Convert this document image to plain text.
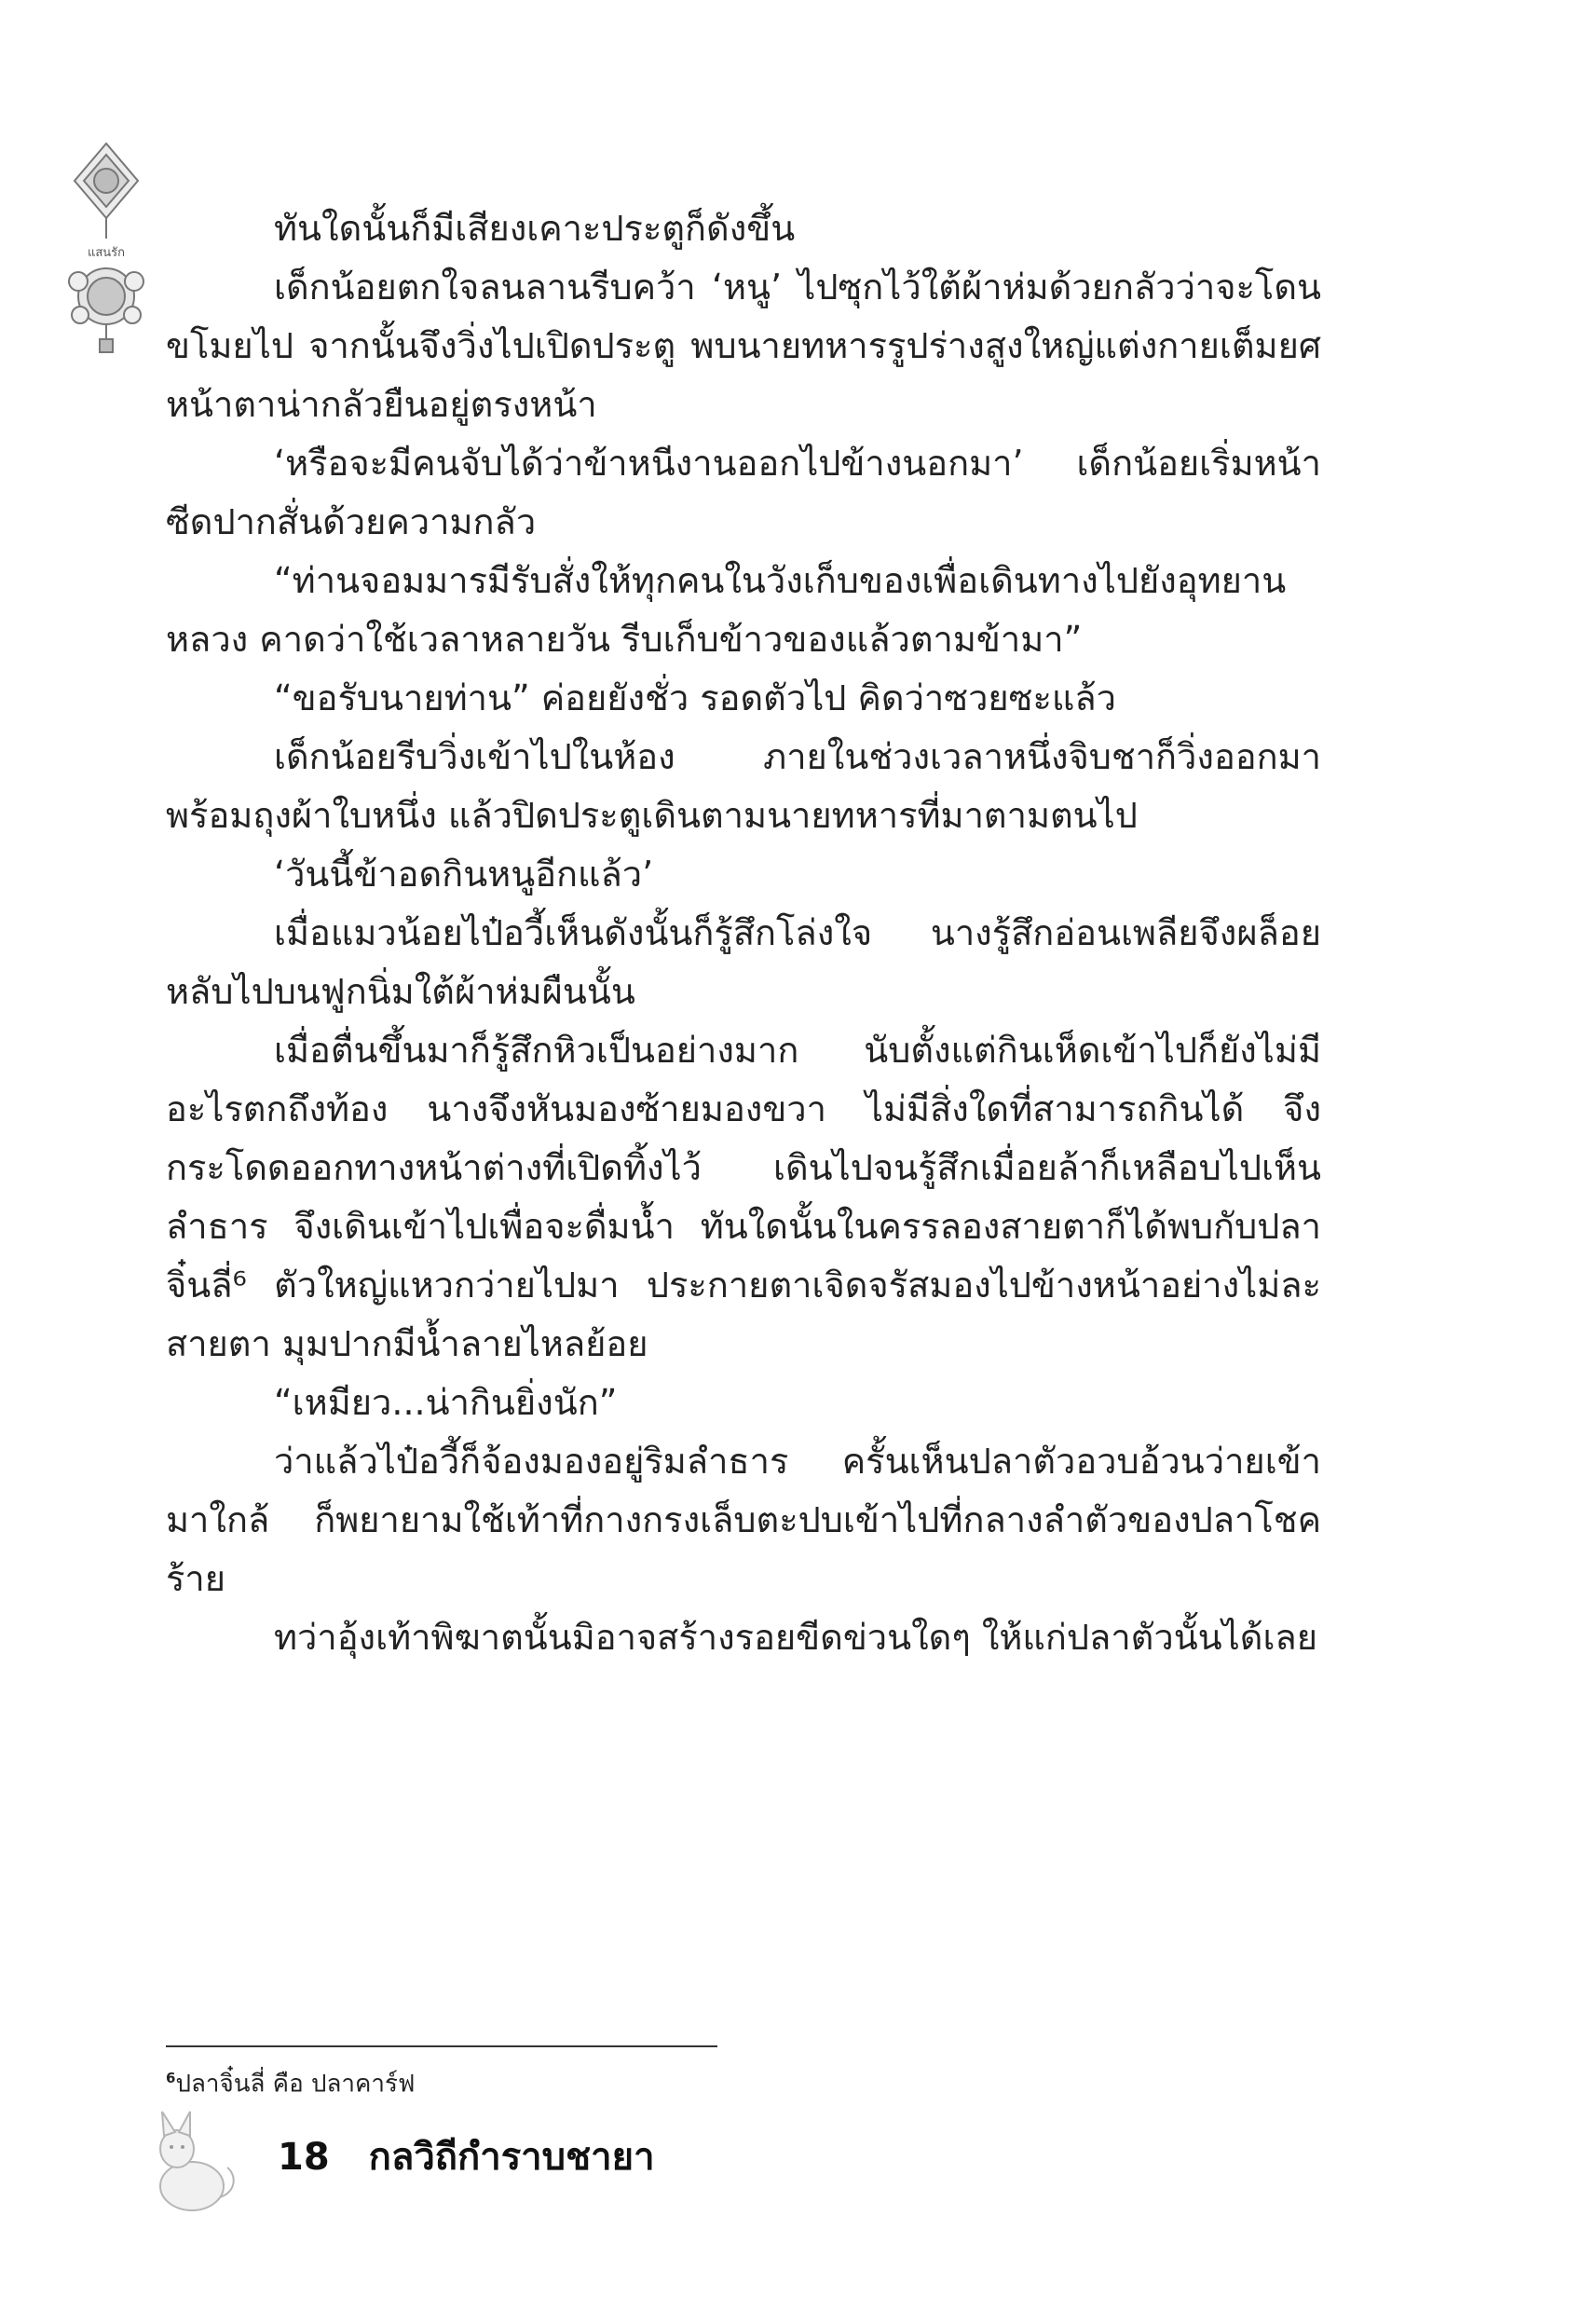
แสนรัก

ทันใดนั้นก็มีเสียงเคาะประตูก็ดังขึ้น

เด็กน้อยตกใจลนลานรีบคว้า ‘หนู’ ไปซุกไว้ใต้ผ้าห่มด้วยกลัวว่าจะโดนขโมยไป จากนั้นจึงวิ่งไปเปิดประตู พบนายทหารรูปร่างสูงใหญ่แต่งกายเต็มยศหน้าตาน่ากลัวยืนอยู่ตรงหน้า

‘หรือจะมีคนจับได้ว่าข้าหนีงานออกไปข้างนอกมา’ เด็กน้อยเริ่มหน้าซีดปากสั่นด้วยความกลัว

“ท่านจอมมารมีรับสั่งให้ทุกคนในวังเก็บของเพื่อเดินทางไปยังอุทยานหลวง คาดว่าใช้เวลาหลายวัน รีบเก็บข้าวของแล้วตามข้ามา”

“ขอรับนายท่าน” ค่อยยังชั่ว รอดตัวไป คิดว่าซวยซะแล้ว

เด็กน้อยรีบวิ่งเข้าไปในห้อง ภายในช่วงเวลาหนึ่งจิบชาก็วิ่งออกมาพร้อมถุงผ้าใบหนึ่ง แล้วปิดประตูเดินตามนายทหารที่มาตามตนไป

‘วันนี้ข้าอดกินหนูอีกแล้ว’

เมื่อแมวน้อยไป๋อวี้เห็นดังนั้นก็รู้สึกโล่งใจ นางรู้สึกอ่อนเพลียจึงผล็อยหลับไปบนฟูกนิ่มใต้ผ้าห่มผืนนั้น

เมื่อตื่นขึ้นมาก็รู้สึกหิวเป็นอย่างมาก นับตั้งแต่กินเห็ดเข้าไปก็ยังไม่มีอะไรตกถึงท้อง นางจึงหันมองซ้ายมองขวา ไม่มีสิ่งใดที่สามารถกินได้ จึงกระโดดออกทางหน้าต่างที่เปิดทิ้งไว้ เดินไปจนรู้สึกเมื่อยล้าก็เหลือบไปเห็นลำธาร จึงเดินเข้าไปเพื่อจะดื่มน้ำ ทันใดนั้นในครรลองสายตาก็ได้พบกับปลาจิ๋นลี่⁶ ตัวใหญ่แหวกว่ายไปมา ประกายตาเจิดจรัสมองไปข้างหน้าอย่างไม่ละสายตา มุมปากมีน้ำลายไหลย้อย

“เหมียว...น่ากินยิ่งนัก”

ว่าแล้วไป๋อวี้ก็จ้องมองอยู่ริมลำธาร ครั้นเห็นปลาตัวอวบอ้วนว่ายเข้ามาใกล้ ก็พยายามใช้เท้าที่กางกรงเล็บตะปบเข้าไปที่กลางลำตัวของปลาโชคร้าย

ทว่าอุ้งเท้าพิฆาตนั้นมิอาจสร้างรอยขีดข่วนใดๆ ให้แก่ปลาตัวนั้นได้เลย

$^6$ปลาจิ๋นลี่ คือ ปลาคาร์ฟ
18 กลวิถีกำราบชายา
